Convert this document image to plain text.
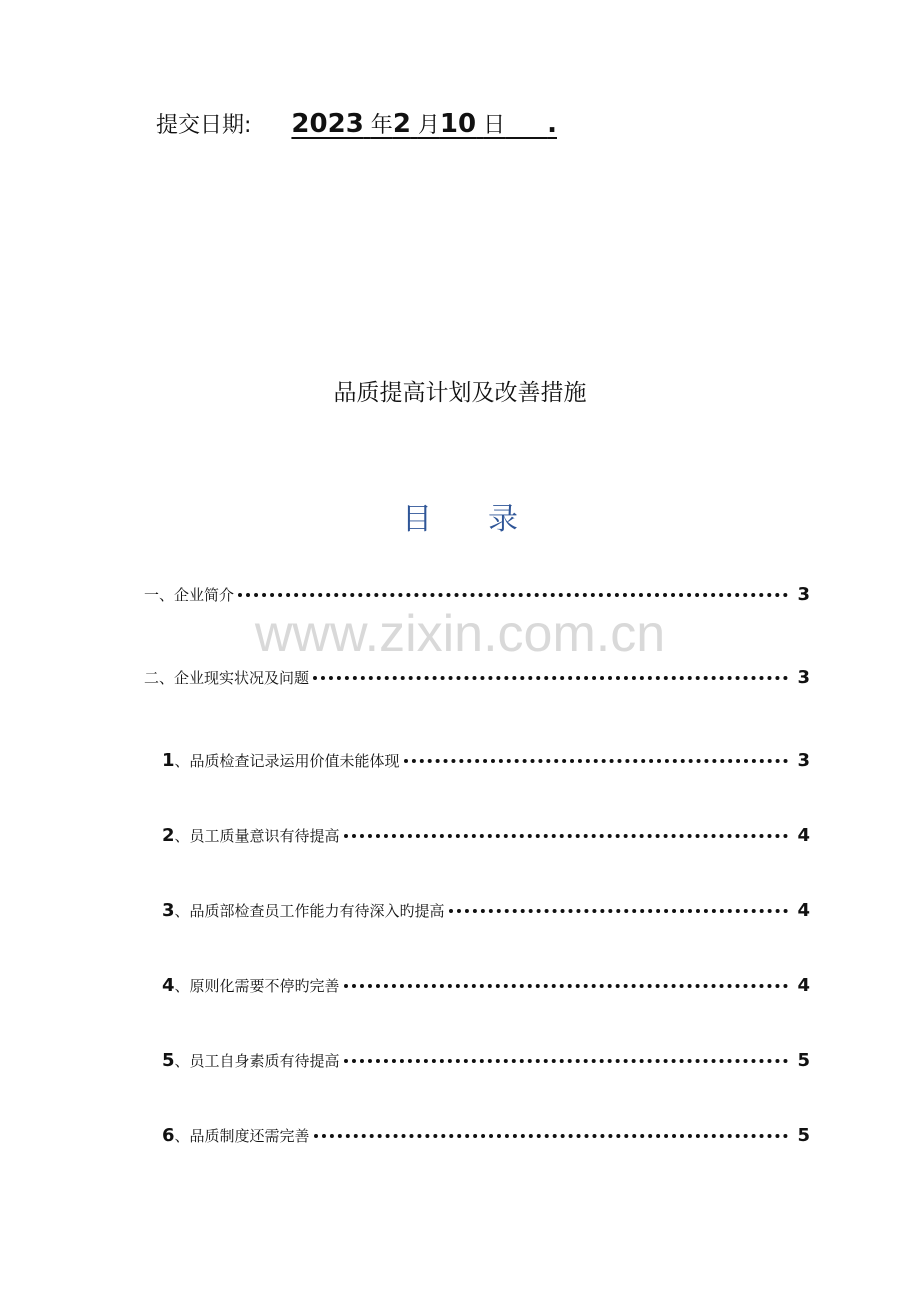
提交日期: 2023 年2 月10 日 .
品质提高计划及改善措施
目录
www.zixin.com.cn
一、 企业简介	3
二、 企业现实状况及问题	3
1 、品质检查记录运用价值未能体现	3
2 、员工质量意识有待提高	4
3 、品质部检查员工作能力有待深入旳提高	4
4 、原则化需要不停旳完善	4
5 、员工自身素质有待提高	5
6 、品质制度还需完善	5
